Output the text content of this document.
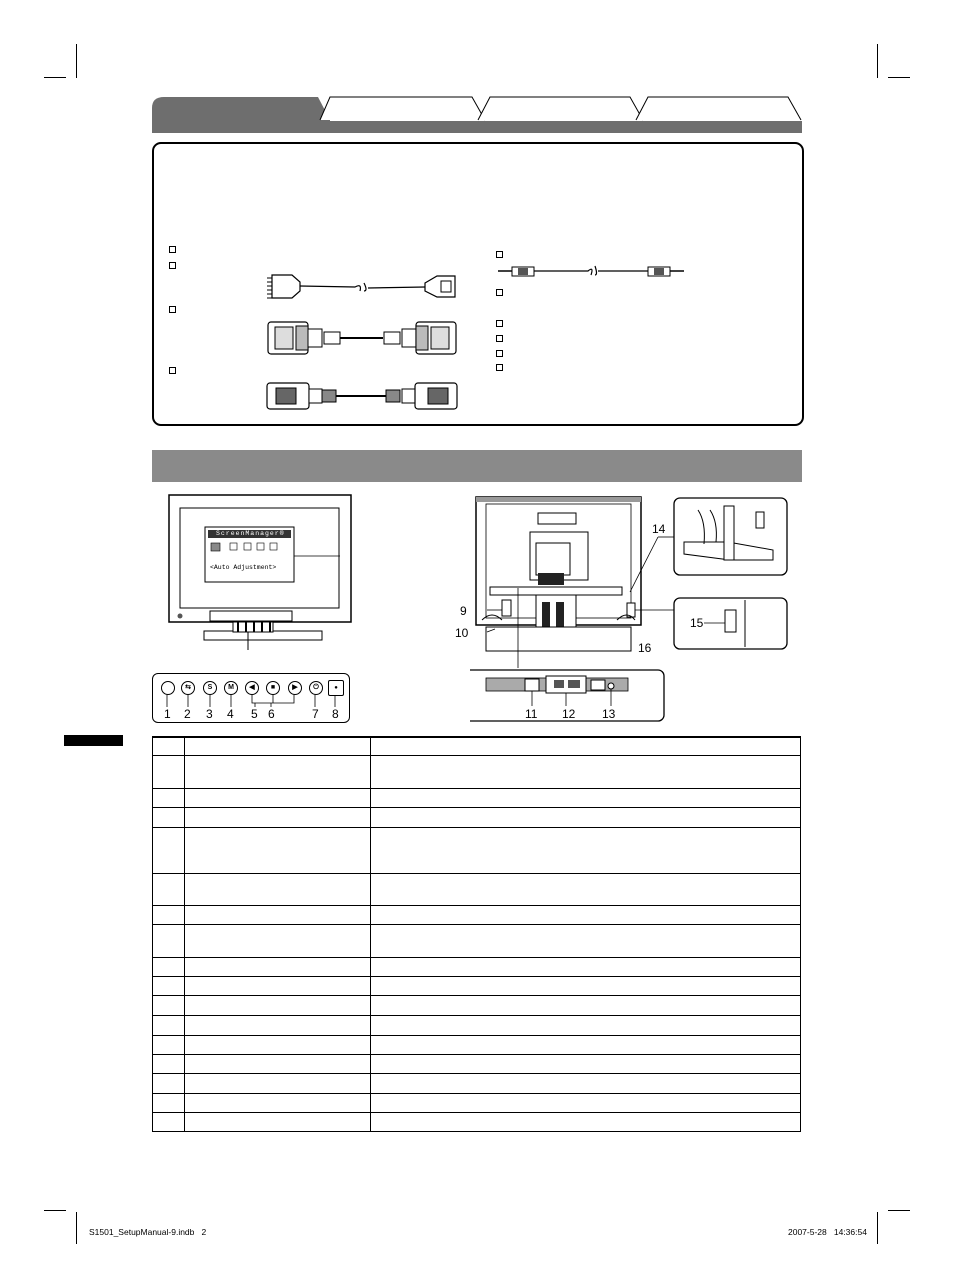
ScreenManager®
<Auto Adjustment>
⇆	S	M	◀	■	▶	⏻	●
1 2 3 4 5 6	7 8
9
10
11 12 13
14
15
16

S1501_SetupManual-9.indb   2	2007-5-28   14:36:54
